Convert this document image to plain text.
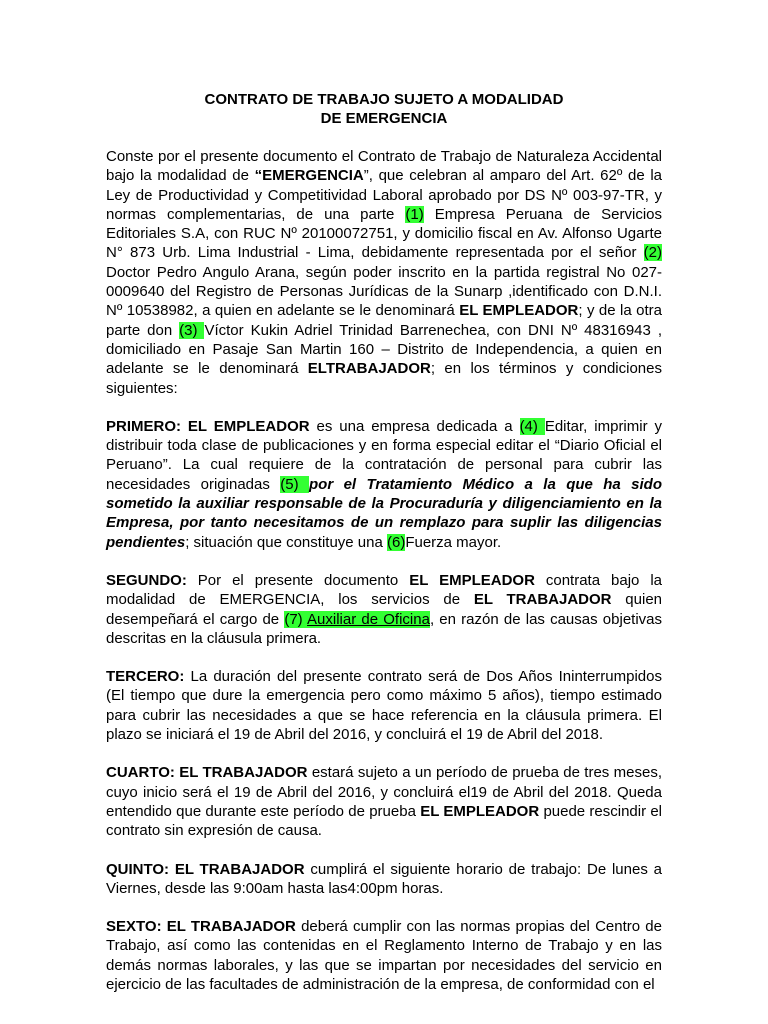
CONTRATO DE TRABAJO SUJETO A MODALIDAD
DE EMERGENCIA

Conste por el presente documento el Contrato de Trabajo de Naturaleza Accidental bajo la modalidad de “EMERGENCIA”, que celebran al amparo del Art. 62º de la Ley de Productividad y Competitividad Laboral aprobado por DS Nº 003-97-TR, y normas complementarias, de una parte (1) Empresa Peruana de Servicios Editoriales S.A, con RUC Nº 20100072751, y domicilio fiscal en Av. Alfonso Ugarte N° 873 Urb. Lima Industrial - Lima, debidamente representada por el señor (2) Doctor Pedro Angulo Arana, según poder inscrito en la partida registral No 027-0009640 del Registro de Personas Jurídicas de la Sunarp ,identificado con D.N.I. Nº 10538982, a quien en adelante se le denominará EL EMPLEADOR; y de la otra parte don (3) Víctor Kukin Adriel Trinidad Barrenechea, con DNI Nº 48316943 , domiciliado en Pasaje San Martin 160 – Distrito de Independencia, a quien en adelante se le denominará ELTRABAJADOR; en los términos y condiciones siguientes:

PRIMERO: EL EMPLEADOR es una empresa dedicada a (4) Editar, imprimir y distribuir toda clase de publicaciones y en forma especial editar el “Diario Oficial el Peruano”. La cual requiere de la contratación de personal para cubrir las necesidades originadas (5) por el Tratamiento Médico a la que ha sido sometido la auxiliar responsable de la Procuraduría y diligenciamiento en la Empresa, por tanto necesitamos de un remplazo para suplir las diligencias pendientes; situación que constituye una (6)Fuerza mayor.

SEGUNDO: Por el presente documento EL EMPLEADOR contrata bajo la modalidad de EMERGENCIA, los servicios de EL TRABAJADOR quien desempeñará el cargo de (7) Auxiliar de Oficina, en razón de las causas objetivas descritas en la cláusula primera.

TERCERO: La duración del presente contrato será de Dos Años Ininterrumpidos (El tiempo que dure la emergencia pero como máximo 5 años), tiempo estimado para cubrir las necesidades a que se hace referencia en la cláusula primera. El plazo se iniciará el 19 de Abril del 2016, y concluirá el 19 de Abril del 2018.

CUARTO: EL TRABAJADOR estará sujeto a un período de prueba de tres meses, cuyo inicio será el 19 de Abril del 2016, y concluirá el19 de Abril del 2018. Queda entendido que durante este período de prueba EL EMPLEADOR puede rescindir el contrato sin expresión de causa.

QUINTO: EL TRABAJADOR cumplirá el siguiente horario de trabajo: De lunes a Viernes, desde las 9:00am hasta las4:00pm horas.

SEXTO: EL TRABAJADOR deberá cumplir con las normas propias del Centro de Trabajo, así como las contenidas en el Reglamento Interno de Trabajo y en las demás normas laborales, y las que se impartan por necesidades del servicio en ejercicio de las facultades de administración de la empresa, de conformidad con el
